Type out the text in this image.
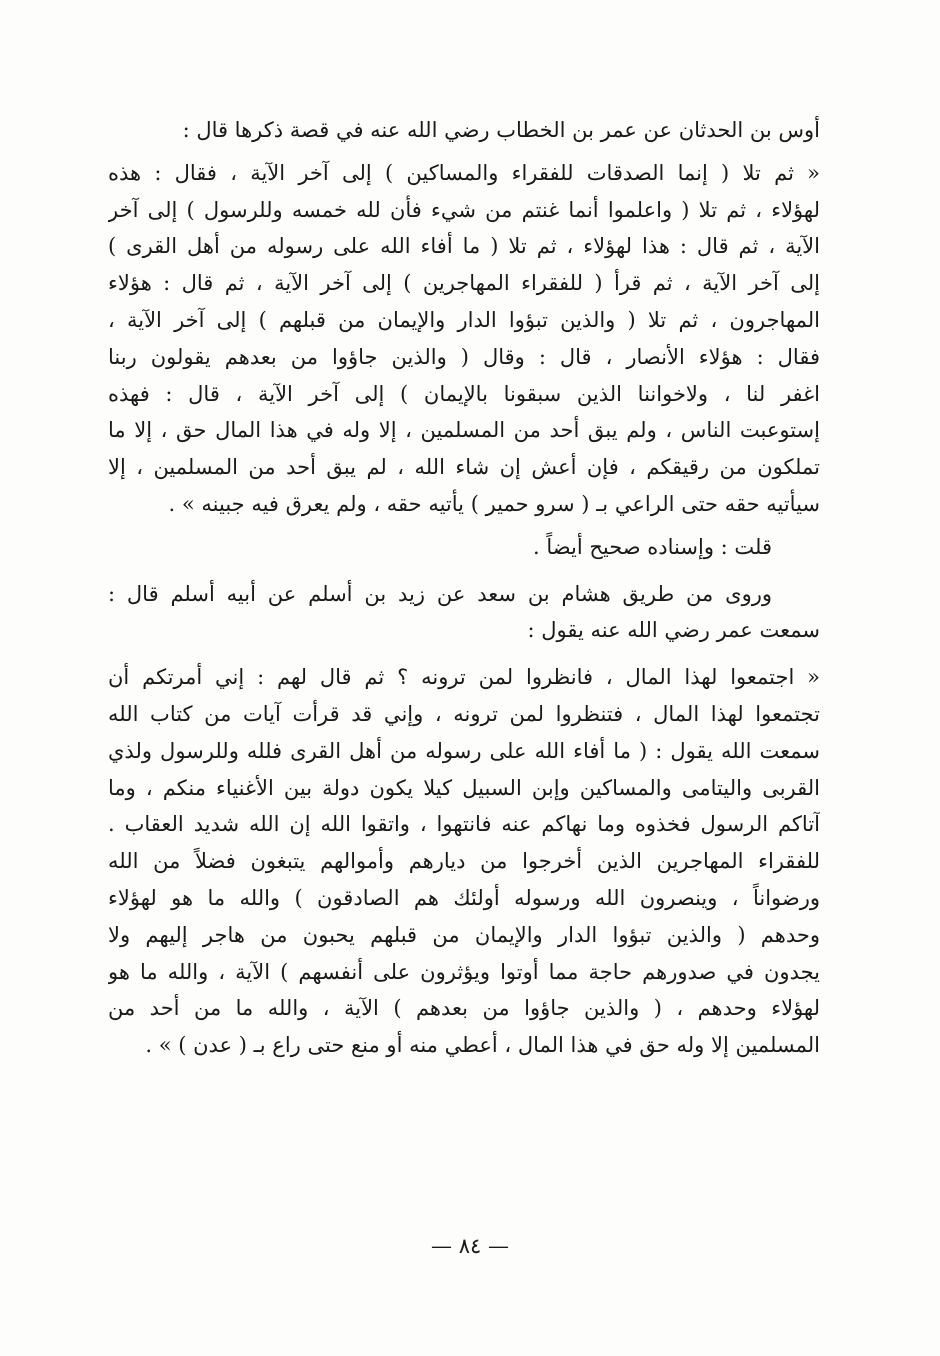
أوس بن الحدثان عن عمر بن الخطاب رضي الله عنه في قصة ذكرها قال :
« ثم تلا ( إنما الصدقات للفقراء والمساكين ) إلى آخر الآية ، فقال : هذه
لهؤلاء ، ثم تلا ( واعلموا أنما غنتم من شيء فأن لله خمسه وللرسول ) إلى آخر
الآية ، ثم قال : هذا لهؤلاء ، ثم تلا ( ما أفاء الله على رسوله من أهل القرى )
إلى آخر الآية ، ثم قرأ ( للفقراء المهاجرين ) إلى آخر الآية ، ثم قال : هؤلاء
المهاجرون ، ثم تلا ( والذين تبؤوا الدار والإيمان من قبلهم ) إلى آخر الآية ،
فقال : هؤلاء الأنصار ، قال : وقال ( والذين جاؤوا من بعدهم يقولون ربنا
اغفر لنا ، ولاخواننا الذين سبقونا بالإيمان ) إلى آخر الآية ، قال : فهذه
إستوعبت الناس ، ولم يبق أحد من المسلمين ، إلا وله في هذا المال حق ، إلا ما
تملكون من رقيقكم ، فإن أعش إن شاء الله ، لم يبق أحد من المسلمين ، إلا
سيأتيه حقه حتى الراعي بـ ( سرو حمير ) يأتيه حقه ، ولم يعرق فيه جبينه » .
قلت : وإسناده صحيح أيضاً .
وروى من طريق هشام بن سعد عن زيد بن أسلم عن أبيه أسلم قال :
سمعت عمر رضي الله عنه يقول :
« اجتمعوا لهذا المال ، فانظروا لمن ترونه ؟ ثم قال لهم : إني أمرتكم أن
تجتمعوا لهذا المال ، فتنظروا لمن ترونه ، وإني قد قرأت آيات من كتاب الله
سمعت الله يقول : ( ما أفاء الله على رسوله من أهل القرى فلله وللرسول ولذي
القربى واليتامى والمساكين وإبن السبيل كيلا يكون دولة بين الأغنياء منكم ، وما
آتاكم الرسول فخذوه وما نهاكم عنه فانتهوا ، واتقوا الله إن الله شديد العقاب .
للفقراء المهاجرين الذين أخرجوا من ديارهم وأموالهم يتبغون فضلاً من الله
ورضواناً ، وينصرون الله ورسوله أولئك هم الصادقون ) والله ما هو لهؤلاء
وحدهم ( والذين تبؤوا الدار والإيمان من قبلهم يحبون من هاجر إليهم ولا
يجدون في صدورهم حاجة مما أوتوا ويؤثرون على أنفسهم ) الآية ، والله ما هو
لهؤلاء وحدهم ، ( والذين جاؤوا من بعدهم ) الآية ، والله ما من أحد من
المسلمين إلا وله حق في هذا المال ، أعطي منه أو منع حتى راع بـ ( عدن ) » .
— ٨٤ —
